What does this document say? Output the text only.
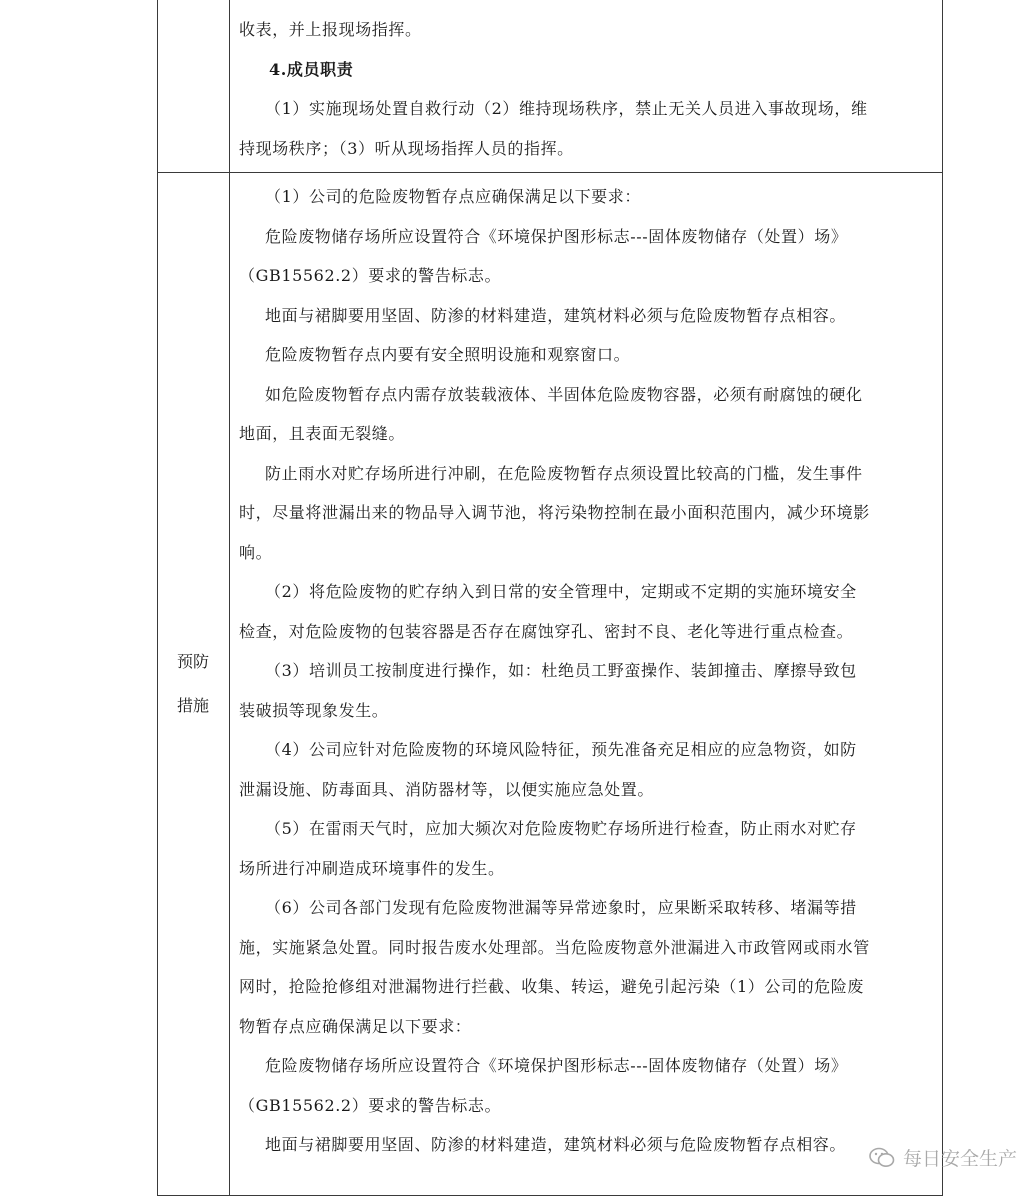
收表，并上报现场指挥。

4.成员职责

（1）实施现场处置自救行动（2）维持现场秩序，禁止无关人员进入事故现场，维

持现场秩序；（3）听从现场指挥人员的指挥。

预防
措施

（1）公司的危险废物暂存点应确保满足以下要求：

危险废物储存场所应设置符合《环境保护图形标志---固体废物储存（处置）场》

（GB15562.2）要求的警告标志。

地面与裙脚要用坚固、防渗的材料建造，建筑材料必须与危险废物暂存点相容。

危险废物暂存点内要有安全照明设施和观察窗口。

如危险废物暂存点内需存放装载液体、半固体危险废物容器，必须有耐腐蚀的硬化

地面，且表面无裂缝。

防止雨水对贮存场所进行冲刷，在危险废物暂存点须设置比较高的门槛，发生事件

时，尽量将泄漏出来的物品导入调节池，将污染物控制在最小面积范围内，减少环境影

响。

（2）将危险废物的贮存纳入到日常的安全管理中，定期或不定期的实施环境安全

检查，对危险废物的包装容器是否存在腐蚀穿孔、密封不良、老化等进行重点检查。

（3）培训员工按制度进行操作，如：杜绝员工野蛮操作、装卸撞击、摩擦导致包

装破损等现象发生。

（4）公司应针对危险废物的环境风险特征，预先准备充足相应的应急物资，如防

泄漏设施、防毒面具、消防器材等，以便实施应急处置。

（5）在雷雨天气时，应加大频次对危险废物贮存场所进行检查，防止雨水对贮存

场所进行冲刷造成环境事件的发生。

（6）公司各部门发现有危险废物泄漏等异常迹象时，应果断采取转移、堵漏等措

施，实施紧急处置。同时报告废水处理部。当危险废物意外泄漏进入市政管网或雨水管

网时，抢险抢修组对泄漏物进行拦截、收集、转运，避免引起污染（1）公司的危险废

物暂存点应确保满足以下要求：

危险废物储存场所应设置符合《环境保护图形标志---固体废物储存（处置）场》

（GB15562.2）要求的警告标志。

地面与裙脚要用坚固、防渗的材料建造，建筑材料必须与危险废物暂存点相容。

每日安全生产
